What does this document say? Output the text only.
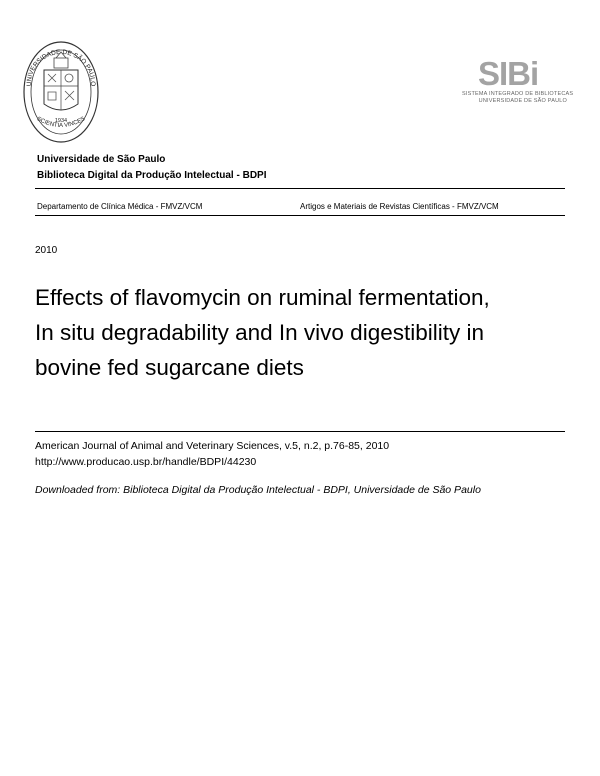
UNIVERSIDADE DE SÃO PAULO
1934
SCIENTIA VINCES
SIBi
SISTEMA INTEGRADO DE BIBLIOTECAS
UNIVERSIDADE DE SÃO PAULO
Universidade de São Paulo
Biblioteca Digital da Produção Intelectual - BDPI
Departamento de Clínica Médica - FMVZ/VCM	Artigos e Materiais de Revistas Científicas - FMVZ/VCM
2010
Effects of flavomycin on ruminal fermentation,
In situ degradability and In vivo digestibility in
bovine fed sugarcane diets
American Journal of Animal and Veterinary Sciences, v.5, n.2, p.76-85, 2010
http://www.producao.usp.br/handle/BDPI/44230
Downloaded from: Biblioteca Digital da Produção Intelectual - BDPI, Universidade de São Paulo
